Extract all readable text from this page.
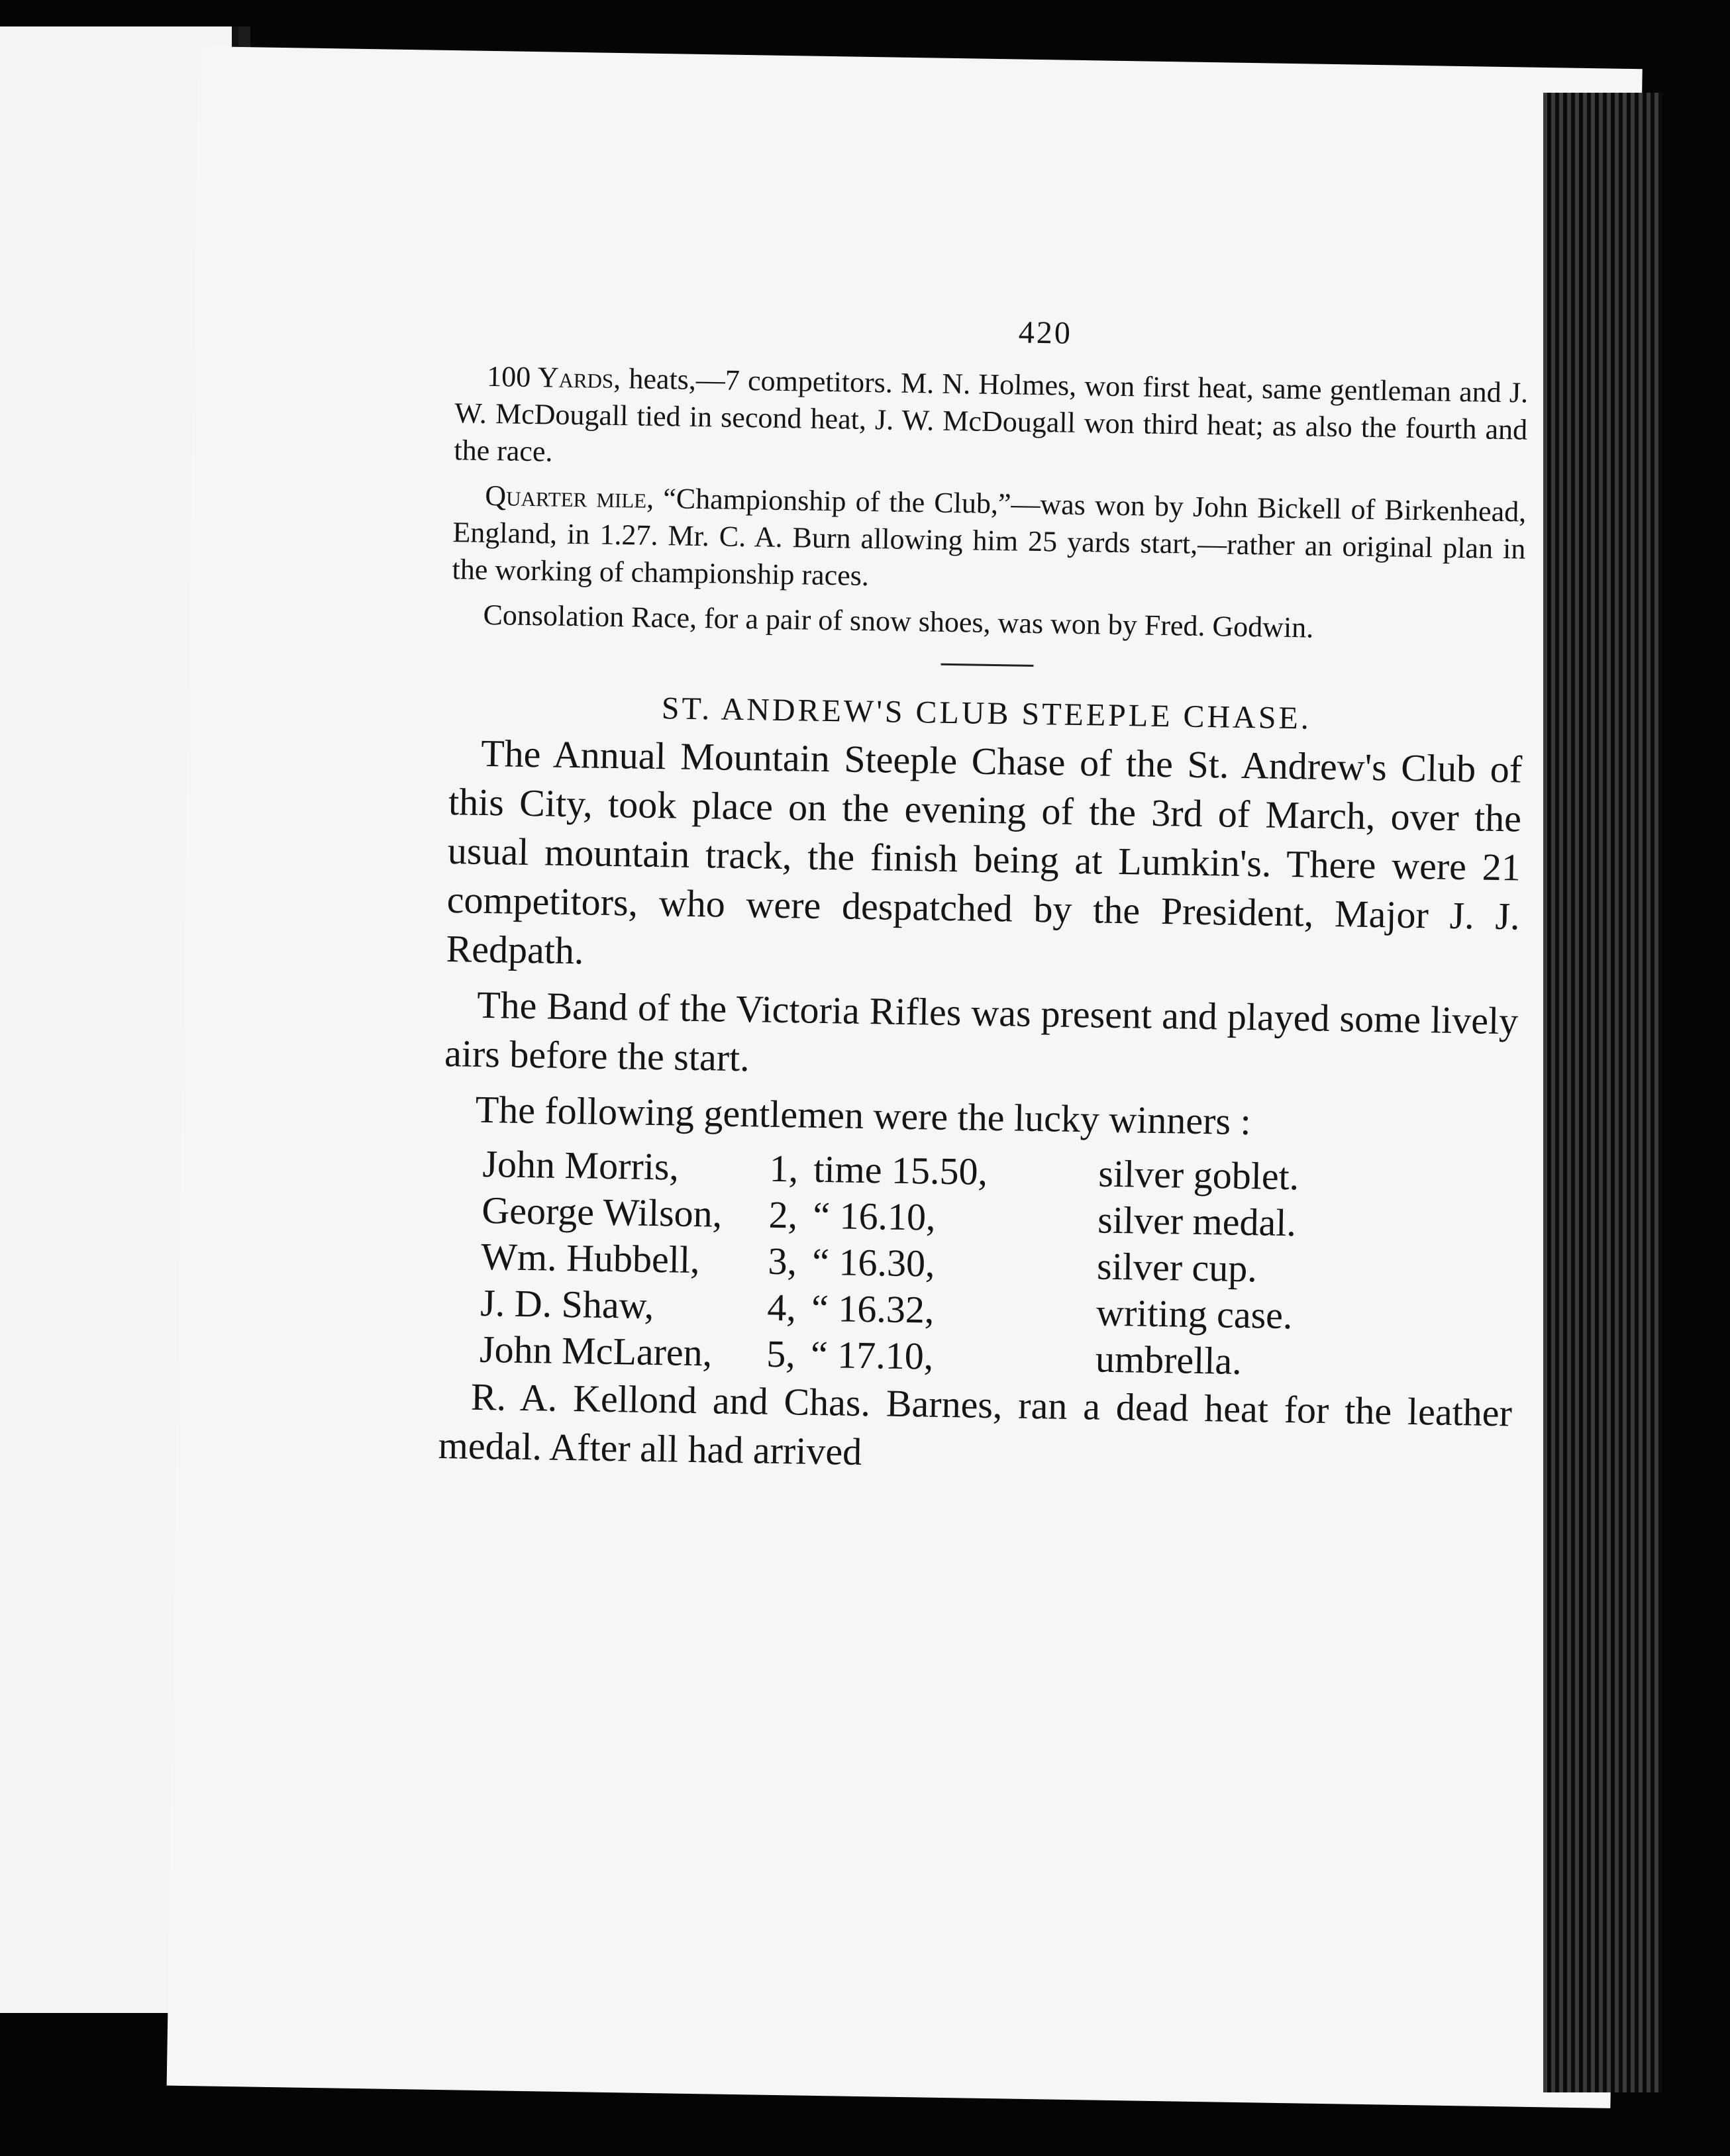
420

100 Yards, heats,—7 competitors. M. N. Holmes, won first heat, same gentleman and J. W. McDougall tied in second heat, J. W. McDougall won third heat; as also the fourth and the race.

Quarter mile, “Championship of the Club,”—was won by John Bickell of Birkenhead, England, in 1.27. Mr. C. A. Burn allowing him 25 yards start,—rather an original plan in the working of championship races.

Consolation Race, for a pair of snow shoes, was won by Fred. Godwin.

ST. ANDREW'S CLUB STEEPLE CHASE.

The Annual Mountain Steeple Chase of the St. Andrew's Club of this City, took place on the evening of the 3rd of March, over the usual mountain track, the finish being at Lumkin's. There were 21 competitors, who were despatched by the President, Major J. J. Redpath.

The Band of the Victoria Rifles was present and played some lively airs before the start.

The following gentlemen were the lucky winners :

John Morris,	1, time 15.50,	silver goblet.
George Wilson,	2, “ 16.10,	silver medal.
Wm. Hubbell,	3, “ 16.30,	silver cup.
J. D. Shaw,	4, “ 16.32,	writing case.
John McLaren,	5, “ 17.10,	umbrella.

R. A. Kellond and Chas. Barnes, ran a dead heat for the leather medal. After all had arrived
